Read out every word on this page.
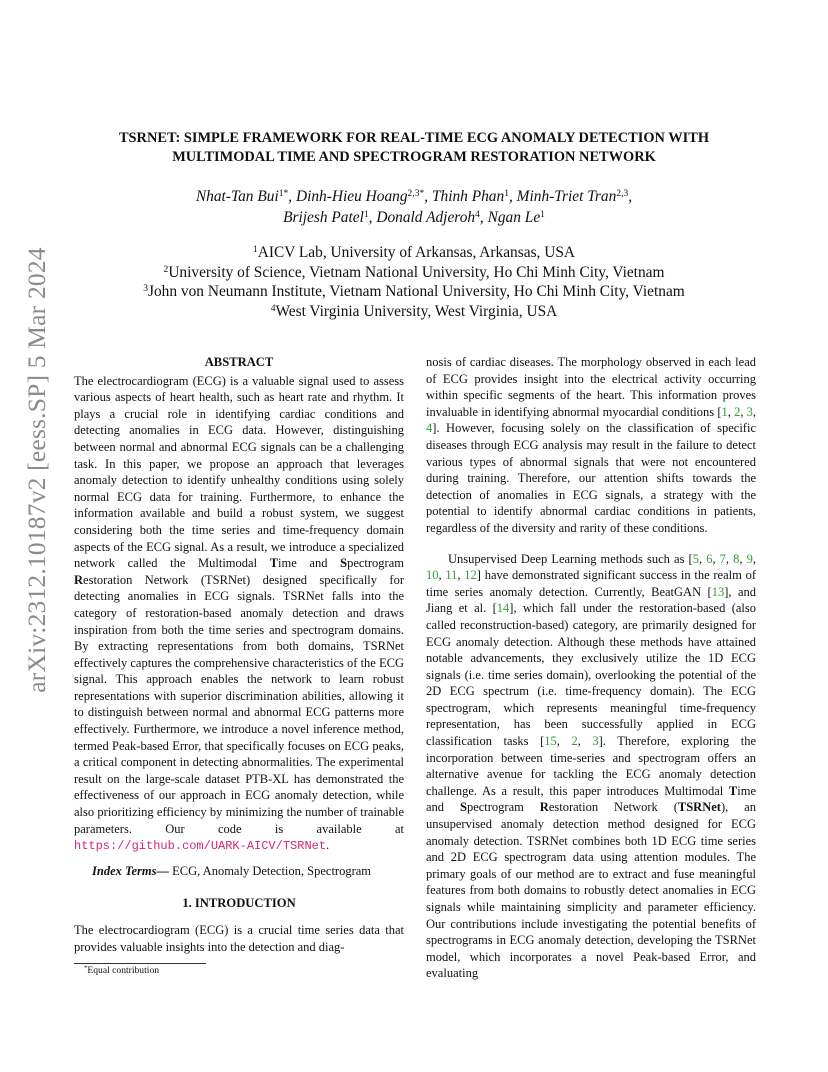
arXiv:2312.10187v2 [eess.SP] 5 Mar 2024
TSRNET: SIMPLE FRAMEWORK FOR REAL-TIME ECG ANOMALY DETECTION WITH
MULTIMODAL TIME AND SPECTROGRAM RESTORATION NETWORK
Nhat-Tan Bui$^{1*}$, Dinh-Hieu Hoang$^{2,3*}$, Thinh Phan$^1$, Minh-Triet Tran$^{2,3}$,
Brijesh Patel$^1$, Donald Adjeroh$^4$, Ngan Le$^1$
$^1$AICV Lab, University of Arkansas, Arkansas, USA
$^2$University of Science, Vietnam National University, Ho Chi Minh City, Vietnam
$^3$John von Neumann Institute, Vietnam National University, Ho Chi Minh City, Vietnam
$^4$West Virginia University, West Virginia, USA
ABSTRACT

The electrocardiogram (ECG) is a valuable signal used to assess various aspects of heart health, such as heart rate and rhythm. It plays a crucial role in identifying cardiac conditions and detecting anomalies in ECG data. However, distinguishing between normal and abnormal ECG signals can be a challenging task. In this paper, we propose an approach that leverages anomaly detection to identify unhealthy conditions using solely normal ECG data for training. Furthermore, to enhance the information available and build a robust system, we suggest considering both the time series and time-frequency domain aspects of the ECG signal. As a result, we introduce a specialized network called the Multimodal Time and Spectrogram Restoration Network (TSRNet) designed specifically for detecting anomalies in ECG signals. TSRNet falls into the category of restoration-based anomaly detection and draws inspiration from both the time series and spectrogram domains. By extracting representations from both domains, TSRNet effectively captures the comprehensive characteristics of the ECG signal. This approach enables the network to learn robust representations with superior discrimination abilities, allowing it to distinguish between normal and abnormal ECG patterns more effectively. Furthermore, we introduce a novel inference method, termed Peak-based Error, that specifically focuses on ECG peaks, a critical component in detecting abnormalities. The experimental result on the large-scale dataset PTB-XL has demonstrated the effectiveness of our approach in ECG anomaly detection, while also prioritizing efficiency by minimizing the number of trainable parameters. Our code is available at https://github.com/UARK-AICV/TSRNet.

Index Terms— ECG, Anomaly Detection, Spectrogram

1. INTRODUCTION

The electrocardiogram (ECG) is a crucial time series data that provides valuable insights into the detection and diag-

nosis of cardiac diseases. The morphology observed in each lead of ECG provides insight into the electrical activity occurring within specific segments of the heart. This information proves invaluable in identifying abnormal myocardial conditions [1, 2, 3, 4]. However, focusing solely on the classification of specific diseases through ECG analysis may result in the failure to detect various types of abnormal signals that were not encountered during training. Therefore, our attention shifts towards the detection of anomalies in ECG signals, a strategy with the potential to identify abnormal cardiac conditions in patients, regardless of the diversity and rarity of these conditions.

Unsupervised Deep Learning methods such as [5, 6, 7, 8, 9, 10, 11, 12] have demonstrated significant success in the realm of time series anomaly detection. Currently, BeatGAN [13], and Jiang et al. [14], which fall under the restoration-based (also called reconstruction-based) category, are primarily designed for ECG anomaly detection. Although these methods have attained notable advancements, they exclusively utilize the 1D ECG signals (i.e. time series domain), overlooking the potential of the 2D ECG spectrum (i.e. time-frequency domain). The ECG spectrogram, which represents meaningful time-frequency representation, has been successfully applied in ECG classification tasks [15, 2, 3]. Therefore, exploring the incorporation between time-series and spectrogram offers an alternative avenue for tackling the ECG anomaly detection challenge. As a result, this paper introduces Multimodal Time and Spectrogram Restoration Network (TSRNet), an unsupervised anomaly detection method designed for ECG anomaly detection. TSRNet combines both 1D ECG time series and 2D ECG spectrogram data using attention modules. The primary goals of our method are to extract and fuse meaningful features from both domains to robustly detect anomalies in ECG signals while maintaining simplicity and parameter efficiency. Our contributions include investigating the potential benefits of spectrograms in ECG anomaly detection, developing the TSRNet model, which incorporates a novel Peak-based Error, and evaluating

*Equal contribution
